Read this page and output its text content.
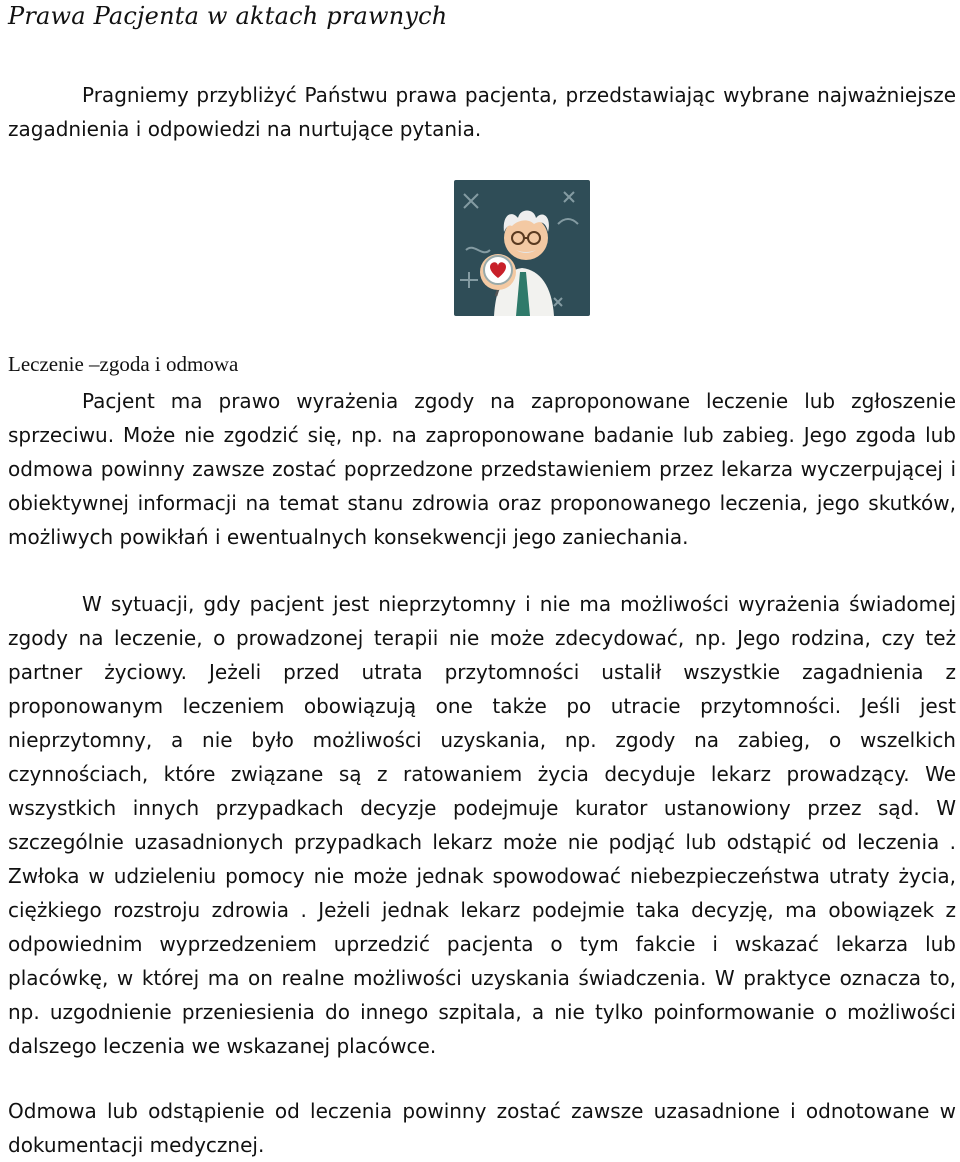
Prawa Pacjenta w aktach prawnych

Pragniemy przybliżyć Państwu prawa pacjenta, przedstawiając wybrane najważniejsze zagadnienia i odpowiedzi na nurtujące pytania.

Leczenie –zgoda i odmowa

Pacjent ma prawo wyrażenia zgody na zaproponowane leczenie lub zgłoszenie sprzeciwu. Może nie zgodzić się, np. na zaproponowane badanie lub zabieg. Jego zgoda lub odmowa powinny zawsze zostać poprzedzone przedstawieniem przez lekarza wyczerpującej i obiektywnej informacji na temat stanu zdrowia oraz proponowanego leczenia, jego skutków, możliwych powikłań i ewentualnych konsekwencji jego zaniechania.

W sytuacji, gdy pacjent jest nieprzytomny i nie ma możliwości wyrażenia świadomej zgody na leczenie, o prowadzonej terapii nie może zdecydować, np. Jego rodzina, czy też partner życiowy. Jeżeli przed utrata przytomności ustalił wszystkie zagadnienia z proponowanym leczeniem obowiązują one także po utracie przytomności. Jeśli jest nieprzytomny, a nie było możliwości uzyskania, np. zgody na zabieg, o wszelkich czynnościach, które związane są z ratowaniem życia decyduje lekarz prowadzący. We wszystkich innych przypadkach decyzje podejmuje kurator ustanowiony przez sąd. W szczególnie uzasadnionych przypadkach lekarz może nie podjąć lub odstąpić od leczenia . Zwłoka w udzieleniu pomocy nie może jednak spowodować niebezpieczeństwa utraty życia, ciężkiego rozstroju zdrowia . Jeżeli jednak lekarz podejmie taka decyzję, ma obowiązek z odpowiednim wyprzedzeniem uprzedzić pacjenta o tym fakcie i wskazać lekarza lub placówkę, w której ma on realne możliwości uzyskania świadczenia. W praktyce oznacza to, np. uzgodnienie przeniesienia do innego szpitala, a nie tylko poinformowanie o możliwości dalszego leczenia we wskazanej placówce.

Odmowa lub odstąpienie od leczenia powinny zostać zawsze uzasadnione i odnotowane w dokumentacji medycznej.
